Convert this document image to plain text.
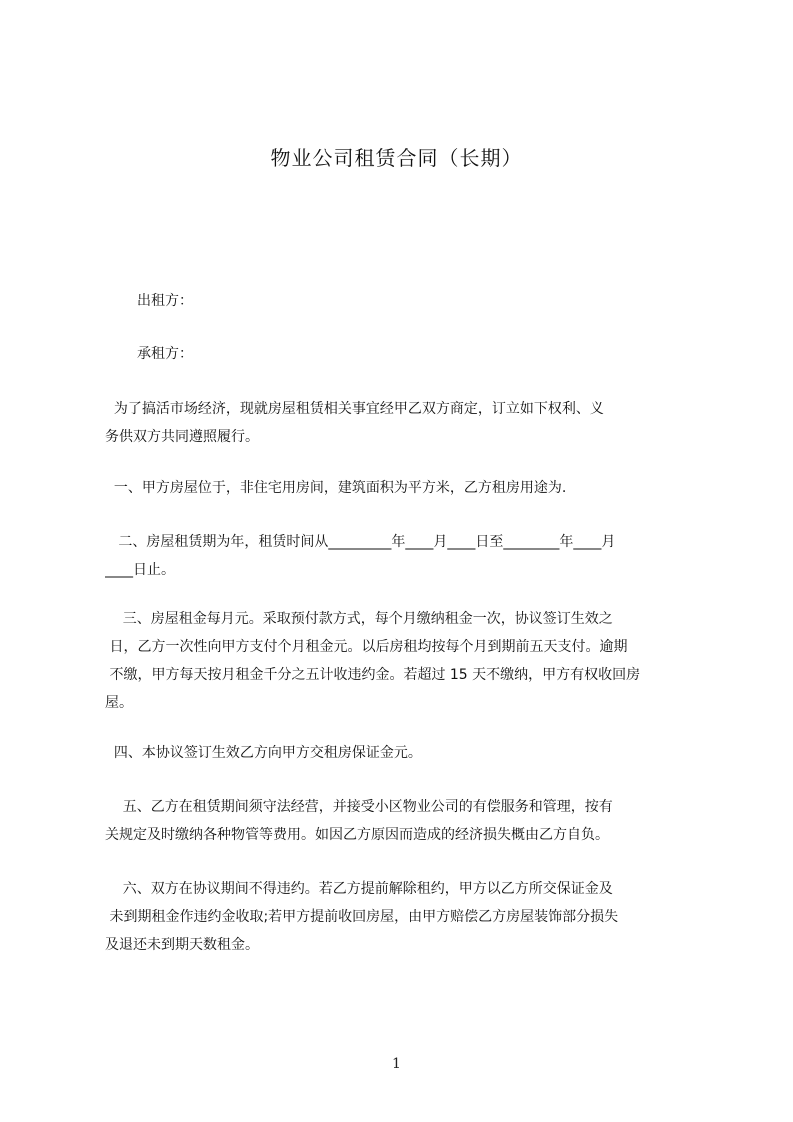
物业公司租赁合同（长期）

出租方：

承租方：

为了搞活市场经济，现就房屋租赁相关事宜经甲乙双方商定，订立如下权利、义
务供双方共同遵照履行。
一、甲方房屋位于，非住宅用房间，建筑面积为平方米，乙方租房用途为.
二、房屋租赁期为年，租赁时间从_________年____月____日至________年____月
____日止。
三、房屋租金每月元。采取预付款方式，每个月缴纳租金一次，协议签订生效之
日，乙方一次性向甲方支付个月租金元。以后房租均按每个月到期前五天支付。逾期
不缴，甲方每天按月租金千分之五计收违约金。若超过 15 天不缴纳，甲方有权收回房
屋。
四、本协议签订生效乙方向甲方交租房保证金元。
五、乙方在租赁期间须守法经营，并接受小区物业公司的有偿服务和管理，按有
关规定及时缴纳各种物管等费用。如因乙方原因而造成的经济损失概由乙方自负。
六、双方在协议期间不得违约。若乙方提前解除租约，甲方以乙方所交保证金及
未到期租金作违约金收取;若甲方提前收回房屋，由甲方赔偿乙方房屋装饰部分损失
及退还未到期天数租金。
1
